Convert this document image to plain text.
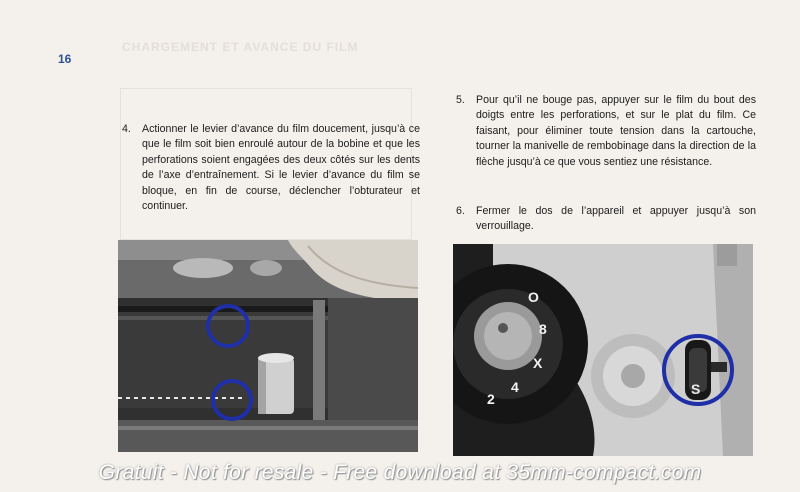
16
CHARGEMENT ET AVANCE DU FILM
4. Actionner le levier d’avance du film doucement, jusqu’à ce que le film soit bien enroulé autour de la bobine et que les perforations soient engagées des deux côtés sur les dents de l’axe d’entraînement. Si le levier d’avance du film se bloque, en fin de course, déclencher l’obturateur et continuer.
5. Pour qu’il ne bouge pas, appuyer sur le film du bout des doigts entre les perforations, et sur le plat du film. Ce faisant, pour éliminer toute tension dans la cartouche, tourner la manivelle de rembobinage dans la direction de la flèche jusqu’à ce que vous sentiez une résistance.
6. Fermer le dos de l’appareil et appuyer jusqu’à son verrouillage.
O
8
X
4
2
S
Gratuit - Not for resale - Free download at 35mm-compact.com
